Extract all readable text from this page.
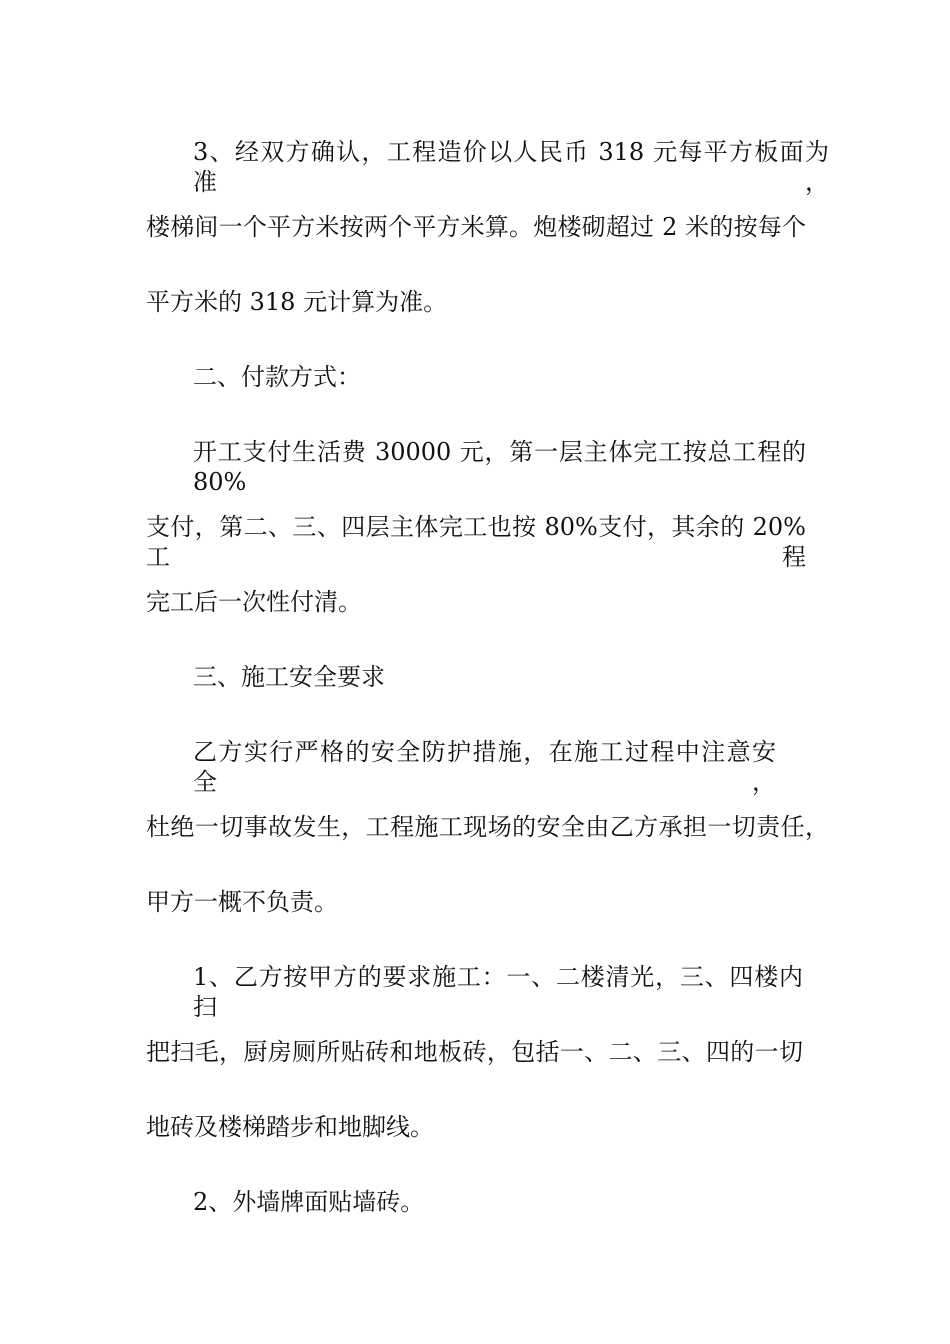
3、经双方确认，工程造价以人民币 318 元每平方板面为准，
楼梯间一个平方米按两个平方米算。炮楼砌超过 2 米的按每个
平方米的 318 元计算为准。
二、付款方式：
开工支付生活费 30000 元，第一层主体完工按总工程的 80%
支付，第二、三、四层主体完工也按 80%支付，其余的 20%工程
完工后一次性付清。
三、施工安全要求
乙方实行严格的安全防护措施，在施工过程中注意安全，
杜绝一切事故发生，工程施工现场的安全由乙方承担一切责任，
甲方一概不负责。
1、乙方按甲方的要求施工：一、二楼清光，三、四楼内扫
把扫毛，厨房厕所贴砖和地板砖，包括一、二、三、四的一切
地砖及楼梯踏步和地脚线。
2、外墙牌面贴墙砖。
